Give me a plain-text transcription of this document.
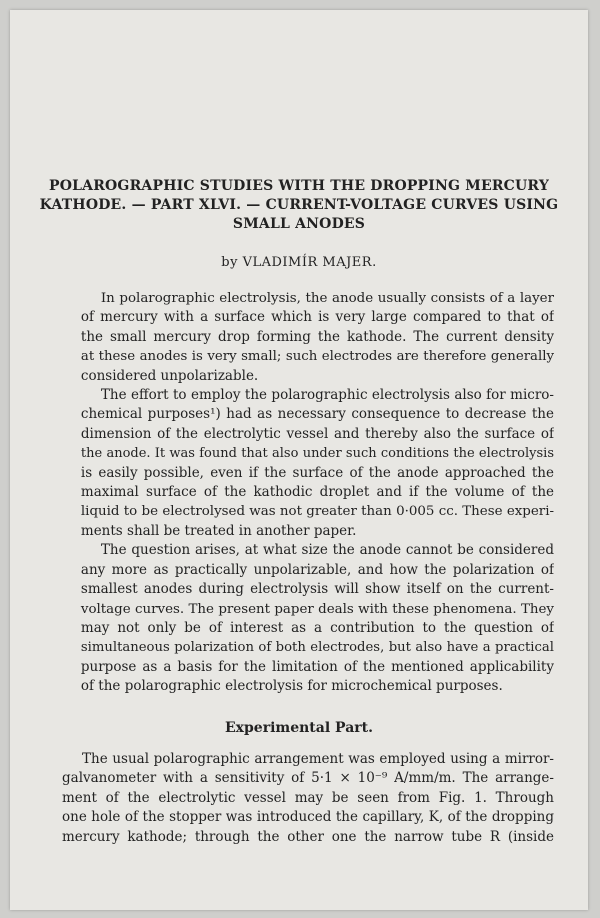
POLAROGRAPHIC STUDIES WITH THE DROPPING MERCURY
KATHODE. — PART XLVI. — CURRENT-VOLTAGE CURVES USING
SMALL ANODES
by VLADIMÍR MAJER.

In polarographic electrolysis, the anode usually consists of a layer
of mercury with a surface which is very large compared to that of
the small mercury drop forming the kathode. The current density
at these anodes is very small; such electrodes are therefore generally
considered unpolarizable.

The effort to employ the polarographic electrolysis also for micro-
chemical purposes¹) had as necessary consequence to decrease the
dimension of the electrolytic vessel and thereby also the surface of
the anode. It was found that also under such conditions the electrolysis
is easily possible, even if the surface of the anode approached the
maximal surface of the kathodic droplet and if the volume of the
liquid to be electrolysed was not greater than 0·005 cc. These experi-
ments shall be treated in another paper.

The question arises, at what size the anode cannot be considered
any more as practically unpolarizable, and how the polarization of
smallest anodes during electrolysis will show itself on the current-
voltage curves. The present paper deals with these phenomena. They
may not only be of interest as a contribution to the question of
simultaneous polarization of both electrodes, but also have a practical
purpose as a basis for the limitation of the mentioned applicability
of the polarographic electrolysis for microchemical purposes.

Experimental Part.
The usual polarographic arrangement was employed using a mirror-
galvanometer with a sensitivity of 5·1 × 10⁻⁹ A/mm/m. The arrange-
ment of the electrolytic vessel may be seen from Fig. 1. Through
one hole of the stopper was introduced the capillary, K, of the dropping
mercury kathode; through the other one the narrow tube R (inside
